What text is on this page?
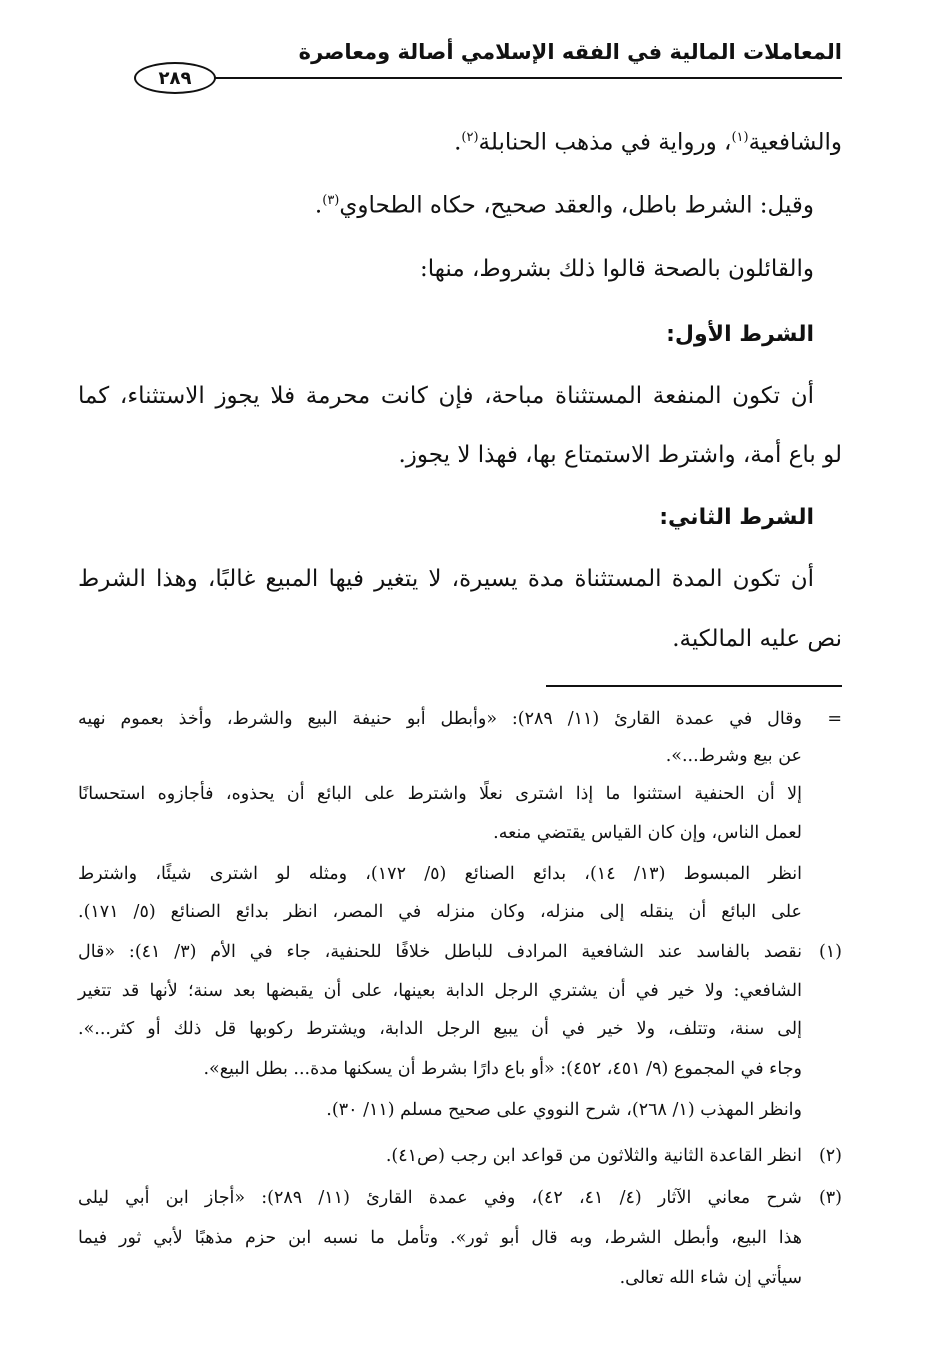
المعاملات المالية في الفقه الإسلامي أصالة ومعاصرة
٢٨٩
والشافعية$^{(١)}$، ورواية في مذهب الحنابلة$^{(٢)}$.
وقيل: الشرط باطل، والعقد صحيح، حكاه الطحاوي$^{(٣)}$.
والقائلون بالصحة قالوا ذلك بشروط، منها:
الشرط الأول:
أن تكون المنفعة المستثناة مباحة، فإن كانت محرمة فلا يجوز الاستثناء، كما
لو باع أمة، واشترط الاستمتاع بها، فهذا لا يجوز.
الشرط الثاني:
أن تكون المدة المستثناة مدة يسيرة، لا يتغير فيها المبيع غالبًا، وهذا الشرط
نص عليه المالكية.
=
وقال في عمدة القارئ (١١/ ٢٨٩): «وأبطل أبو حنيفة البيع والشرط، وأخذ بعموم نهيه
عن بيع وشرط...».
إلا أن الحنفية استثنوا ما إذا اشترى نعلًا واشترط على البائع أن يحذوه، فأجازوه استحسانًا
لعمل الناس، وإن كان القياس يقتضي منعه.
انظر المبسوط (١٣/ ١٤)، بدائع الصنائع (٥/ ١٧٢)، ومثله لو اشترى شيئًا، واشترط
على البائع أن ينقله إلى منزله، وكان منزله في المصر، انظر بدائع الصنائع (٥/ ١٧١).
(١)
نقصد بالفاسد عند الشافعية المرادف للباطل خلافًا للحنفية، جاء في الأم (٣/ ٤١): «قال
الشافعي: ولا خير في أن يشتري الرجل الدابة بعينها، على أن يقبضها بعد سنة؛ لأنها قد تتغير
إلى سنة، وتتلف، ولا خير في أن يبيع الرجل الدابة، ويشترط ركوبها قل ذلك أو كثر...».
وجاء في المجموع (٩/ ٤٥١، ٤٥٢): «أو باع دارًا بشرط أن يسكنها مدة... بطل البيع».
وانظر المهذب (١/ ٢٦٨)، شرح النووي على صحيح مسلم (١١/ ٣٠).
(٢)
انظر القاعدة الثانية والثلاثون من قواعد ابن رجب (ص٤١).
(٣)
شرح معاني الآثار (٤/ ٤١، ٤٢)، وفي عمدة القارئ (١١/ ٢٨٩): «أجاز ابن أبي ليلى
هذا البيع، وأبطل الشرط، وبه قال أبو ثور». وتأمل ما نسبه ابن حزم مذهبًا لأبي ثور فيما
سيأتي إن شاء الله تعالى.
